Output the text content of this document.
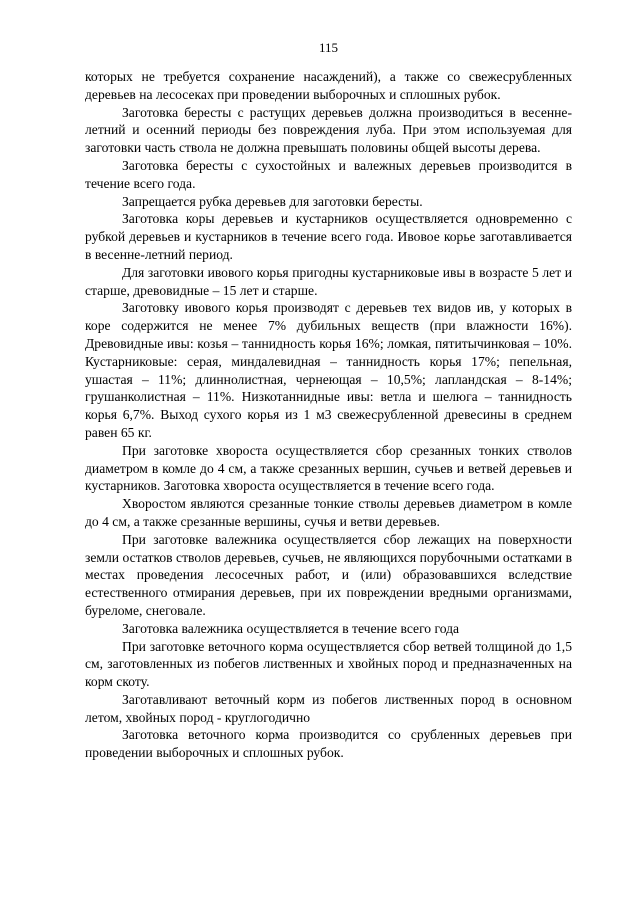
115

которых не требуется сохранение насаждений), а также со свежесрубленных деревьев на лесосеках при проведении выборочных и сплошных рубок.

Заготовка бересты с растущих деревьев должна производиться в весенне-летний и осенний периоды без повреждения луба. При этом используемая для заготовки часть ствола не должна превышать половины общей высоты дерева.

Заготовка бересты с сухостойных и валежных деревьев производится в течение всего года.

Запрещается рубка деревьев для заготовки бересты.

Заготовка коры деревьев и кустарников осуществляется одновременно с рубкой деревьев и кустарников в течение всего года. Ивовое корье заготавливается в весенне-летний период.

Для заготовки ивового корья пригодны кустарниковые ивы в возрасте 5 лет и старше, древовидные – 15 лет и старше.

Заготовку ивового корья производят с деревьев тех видов ив, у которых в коре содержится не менее 7% дубильных веществ (при влажности 16%). Древовидные ивы: козья – таннидность корья 16%; ломкая, пятитычинковая – 10%. Кустарниковые: серая, миндалевидная – таннидность корья 17%; пепельная, ушастая – 11%; длиннолистная, чернеющая – 10,5%; лапландская – 8-14%; грушанколистная – 11%. Низкотаннидные ивы: ветла и шелюга – таннидность корья 6,7%. Выход сухого корья из 1 м3 свежесрубленной древесины в среднем равен 65 кг.

При заготовке хвороста осуществляется сбор срезанных тонких стволов диаметром в комле до 4 см, а также срезанных вершин, сучьев и ветвей деревьев и кустарников. Заготовка хвороста осуществляется в течение всего года.

Хворостом являются срезанные тонкие стволы деревьев диаметром в комле до 4 см, а также срезанные вершины, сучья и ветви деревьев.

При заготовке валежника осуществляется сбор лежащих на поверхности земли остатков стволов деревьев, сучьев, не являющихся порубочными остатками в местах проведения лесосечных работ, и (или) образовавшихся вследствие естественного отмирания деревьев, при их повреждении вредными организмами, буреломе, снеговале.

Заготовка валежника осуществляется в течение всего года

При заготовке веточного корма осуществляется сбор ветвей толщиной до 1,5 см, заготовленных из побегов лиственных и хвойных пород и предназначенных на корм скоту.

Заготавливают веточный корм из побегов лиственных пород в основном летом, хвойных пород - круглогодично

Заготовка веточного корма производится со срубленных деревьев при проведении выборочных и сплошных рубок.
